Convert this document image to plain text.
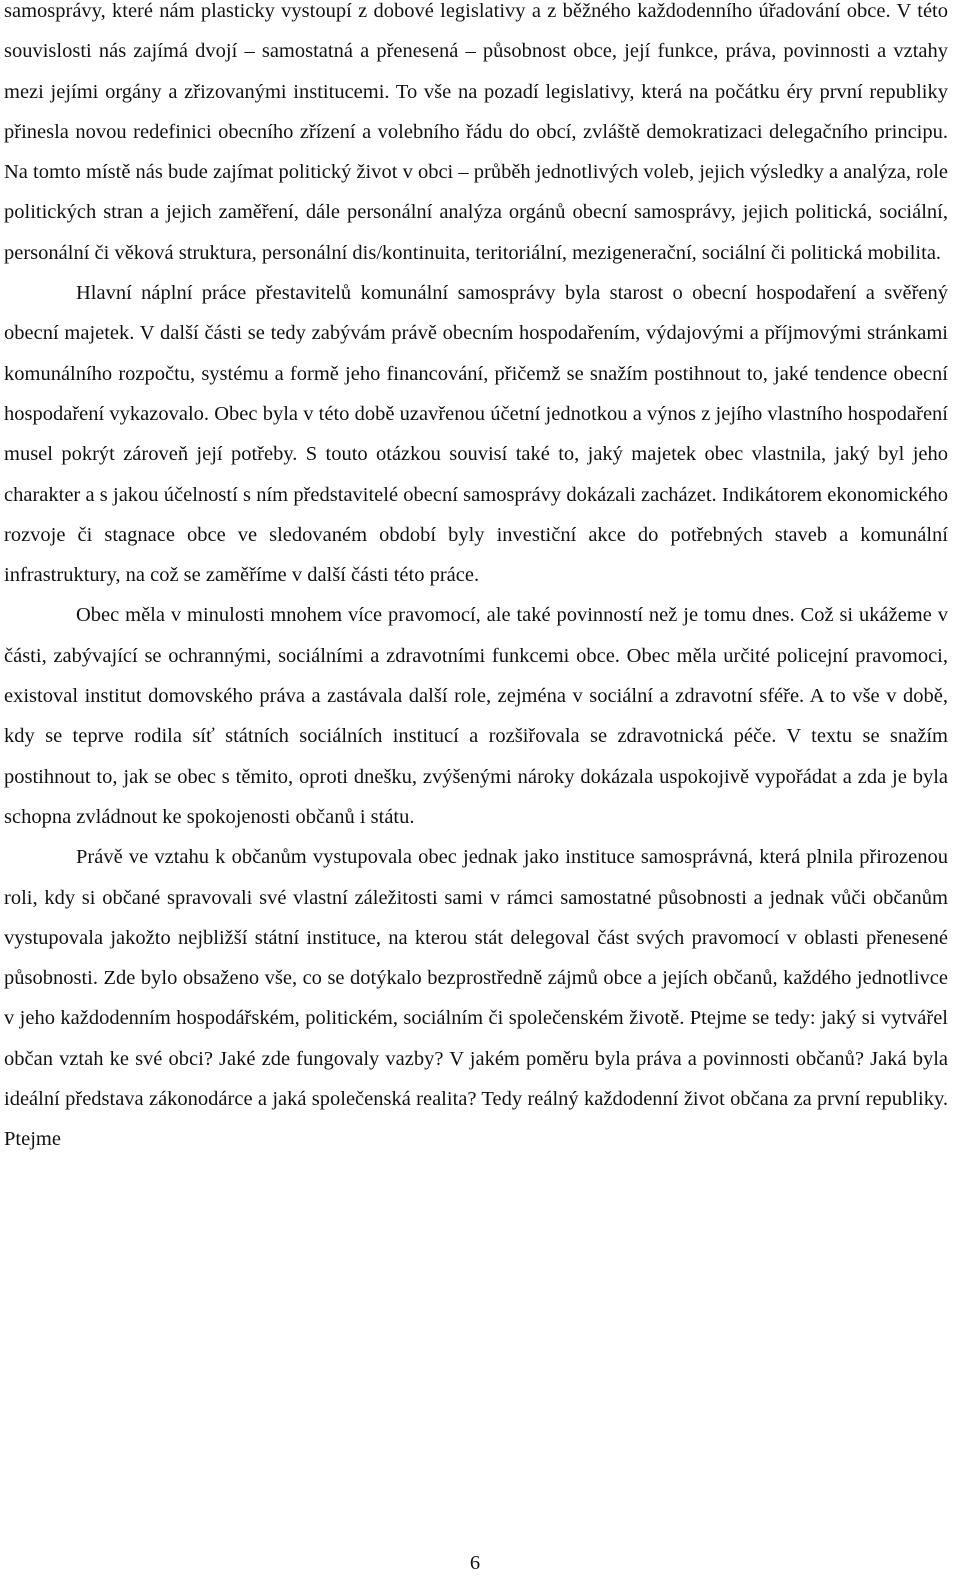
samosprávy, které nám plasticky vystoupí z dobové legislativy a z běžného každodenního úřadování obce. V této souvislosti nás zajímá dvojí – samostatná a přenesená – působnost obce, její funkce, práva, povinnosti a vztahy mezi jejími orgány a zřizovanými institucemi. To vše na pozadí legislativy, která na počátku éry první republiky přinesla novou redefinici obecního zřízení a volebního řádu do obcí, zvláště demokratizaci delegačního principu. Na tomto místě nás bude zajímat politický život v obci – průběh jednotlivých voleb, jejich výsledky a analýza, role politických stran a jejich zaměření, dále personální analýza orgánů obecní samosprávy, jejich politická, sociální, personální či věková struktura, personální dis/kontinuita, teritoriální, mezigenerační, sociální či politická mobilita.

Hlavní náplní práce přestavitelů komunální samosprávy byla starost o obecní hospodaření a svěřený obecní majetek. V další části se tedy zabývám právě obecním hospodařením, výdajovými a příjmovými stránkami komunálního rozpočtu, systému a formě jeho financování, přičemž se snažím postihnout to, jaké tendence obecní hospodaření vykazovalo. Obec byla v této době uzavřenou účetní jednotkou a výnos z jejího vlastního hospodaření musel pokrýt zároveň její potřeby. S touto otázkou souvisí také to, jaký majetek obec vlastnila, jaký byl jeho charakter a s jakou účelností s ním představitelé obecní samosprávy dokázali zacházet. Indikátorem ekonomického rozvoje či stagnace obce ve sledovaném období byly investiční akce do potřebných staveb a komunální infrastruktury, na což se zaměříme v další části této práce.

Obec měla v minulosti mnohem více pravomocí, ale také povinností než je tomu dnes. Což si ukážeme v části, zabývající se ochrannými, sociálními a zdravotními funkcemi obce. Obec měla určité policejní pravomoci, existoval institut domovského práva a zastávala další role, zejména v sociální a zdravotní sféře. A to vše v době, kdy se teprve rodila síť státních sociálních institucí a rozšiřovala se zdravotnická péče. V textu se snažím postihnout to, jak se obec s těmito, oproti dnešku, zvýšenými nároky dokázala uspokojivě vypořádat a zda je byla schopna zvládnout ke spokojenosti občanů i státu.

Právě ve vztahu k občanům vystupovala obec jednak jako instituce samosprávná, která plnila přirozenou roli, kdy si občané spravovali své vlastní záležitosti sami v rámci samostatné působnosti a jednak vůči občanům vystupovala jakožto nejbližší státní instituce, na kterou stát delegoval část svých pravomocí v oblasti přenesené působnosti. Zde bylo obsaženo vše, co se dotýkalo bezprostředně zájmů obce a jejích občanů, každého jednotlivce v jeho každodenním hospodářském, politickém, sociálním či společenském životě. Ptejme se tedy: jaký si vytvářel občan vztah ke své obci? Jaké zde fungovaly vazby? V jakém poměru byla práva a povinnosti občanů? Jaká byla ideální představa zákonodárce a jaká společenská realita? Tedy reálný každodenní život občana za první republiky. Ptejme

6
